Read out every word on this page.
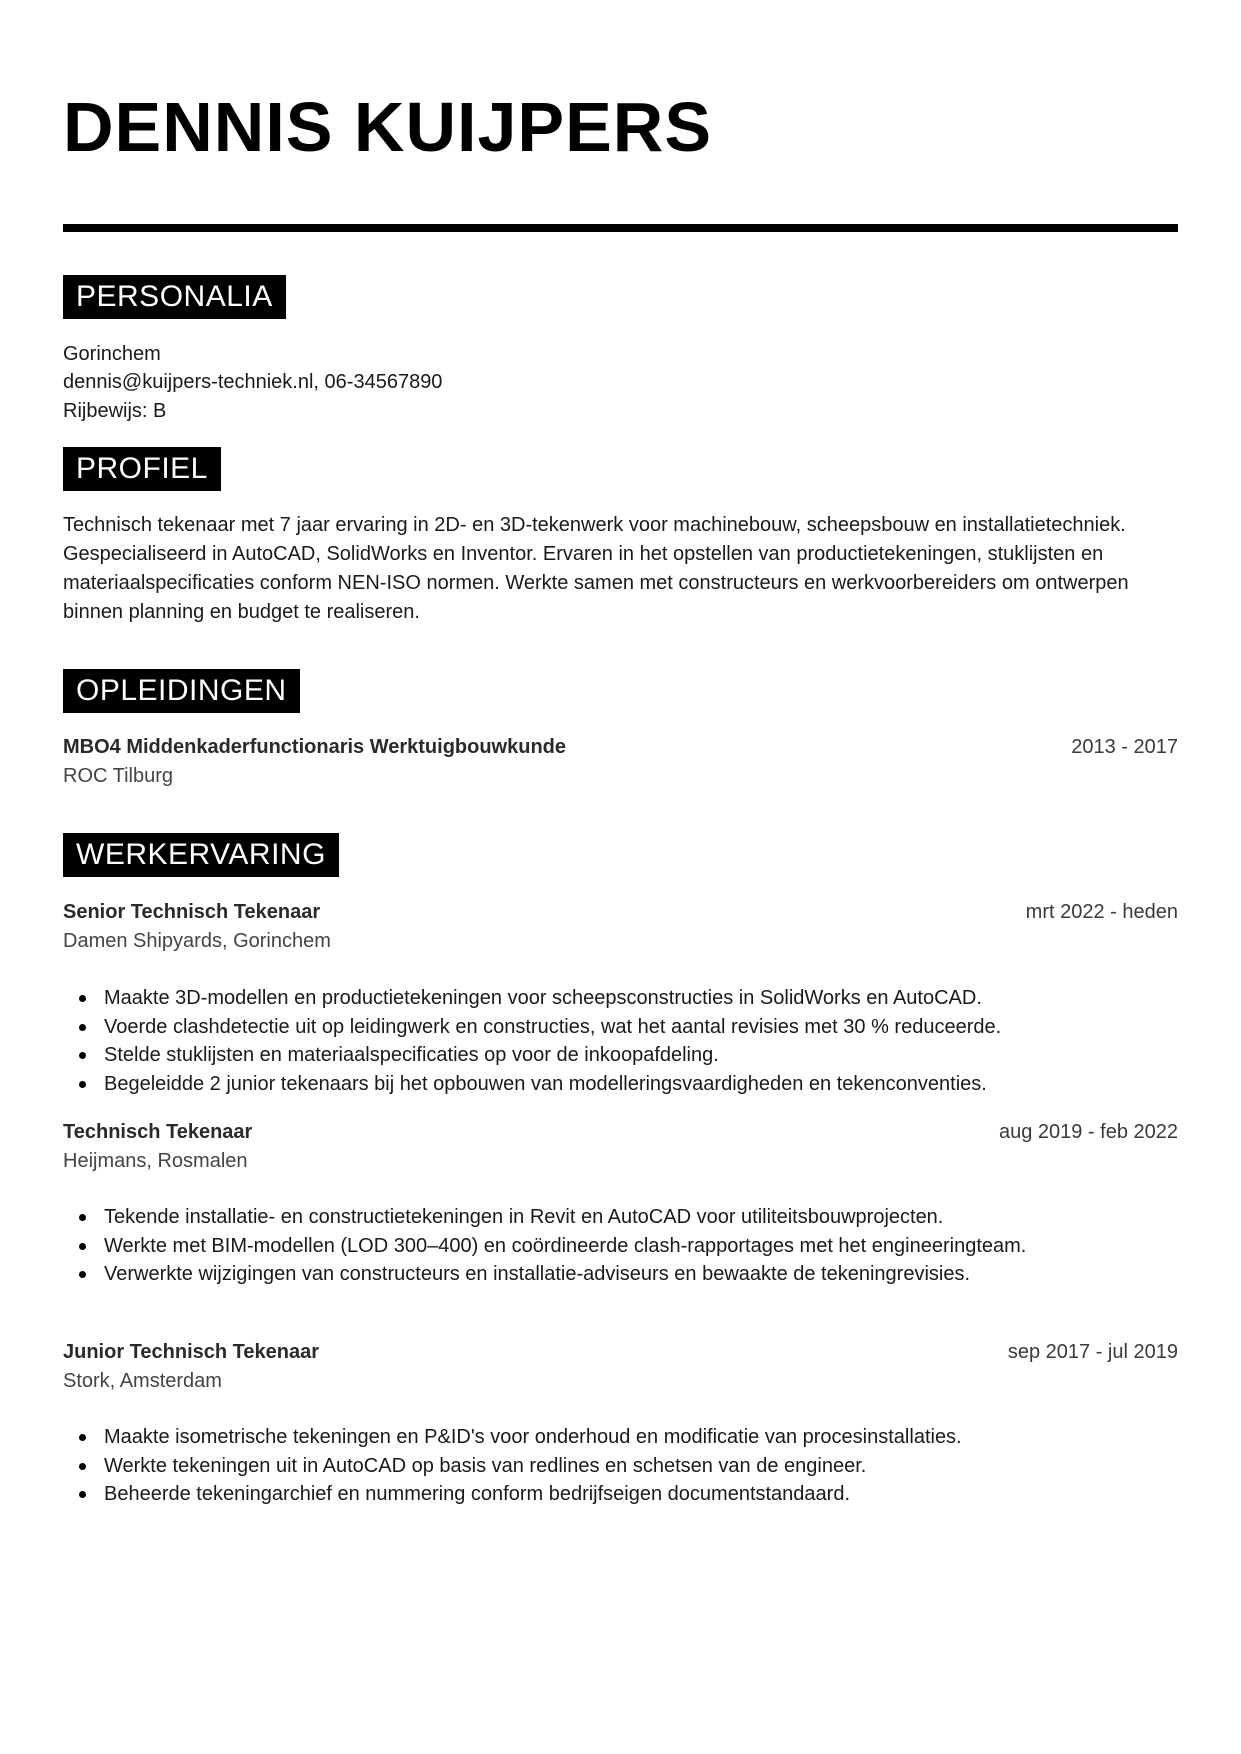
DENNIS KUIJPERS
PERSONALIA
Gorinchem
dennis@kuijpers-techniek.nl, 06-34567890
Rijbewijs: B
PROFIEL

Technisch tekenaar met 7 jaar ervaring in 2D- en 3D-tekenwerk voor machinebouw, scheepsbouw en installatietechniek. Gespecialiseerd in AutoCAD, SolidWorks en Inventor. Ervaren in het opstellen van productietekeningen, stuklijsten en materiaalspecificaties conform NEN-ISO normen. Werkte samen met constructeurs en werkvoorbereiders om ontwerpen binnen planning en budget te realiseren.

OPLEIDINGEN
MBO4 Middenkaderfunctionaris Werktuigbouwkunde	2013 - 2017
ROC Tilburg
WERKERVARING
Senior Technisch Tekenaar	mrt 2022 - heden
Damen Shipyards, Gorinchem
Maakte 3D-modellen en productietekeningen voor scheepsconstructies in SolidWorks en AutoCAD.
Voerde clashdetectie uit op leidingwerk en constructies, wat het aantal revisies met 30 % reduceerde.
Stelde stuklijsten en materiaalspecificaties op voor de inkoopafdeling.
Begeleidde 2 junior tekenaars bij het opbouwen van modelleringsvaardigheden en tekenconventies.
Technisch Tekenaar	aug 2019 - feb 2022
Heijmans, Rosmalen
Tekende installatie- en constructietekeningen in Revit en AutoCAD voor utiliteitsbouwprojecten.
Werkte met BIM-modellen (LOD 300–400) en coördineerde clash-rapportages met het engineeringteam.
Verwerkte wijzigingen van constructeurs en installatie-adviseurs en bewaakte de tekeningrevisies.
Junior Technisch Tekenaar	sep 2017 - jul 2019
Stork, Amsterdam
Maakte isometrische tekeningen en P&ID's voor onderhoud en modificatie van procesinstallaties.
Werkte tekeningen uit in AutoCAD op basis van redlines en schetsen van de engineer.
Beheerde tekeningarchief en nummering conform bedrijfseigen documentstandaard.
